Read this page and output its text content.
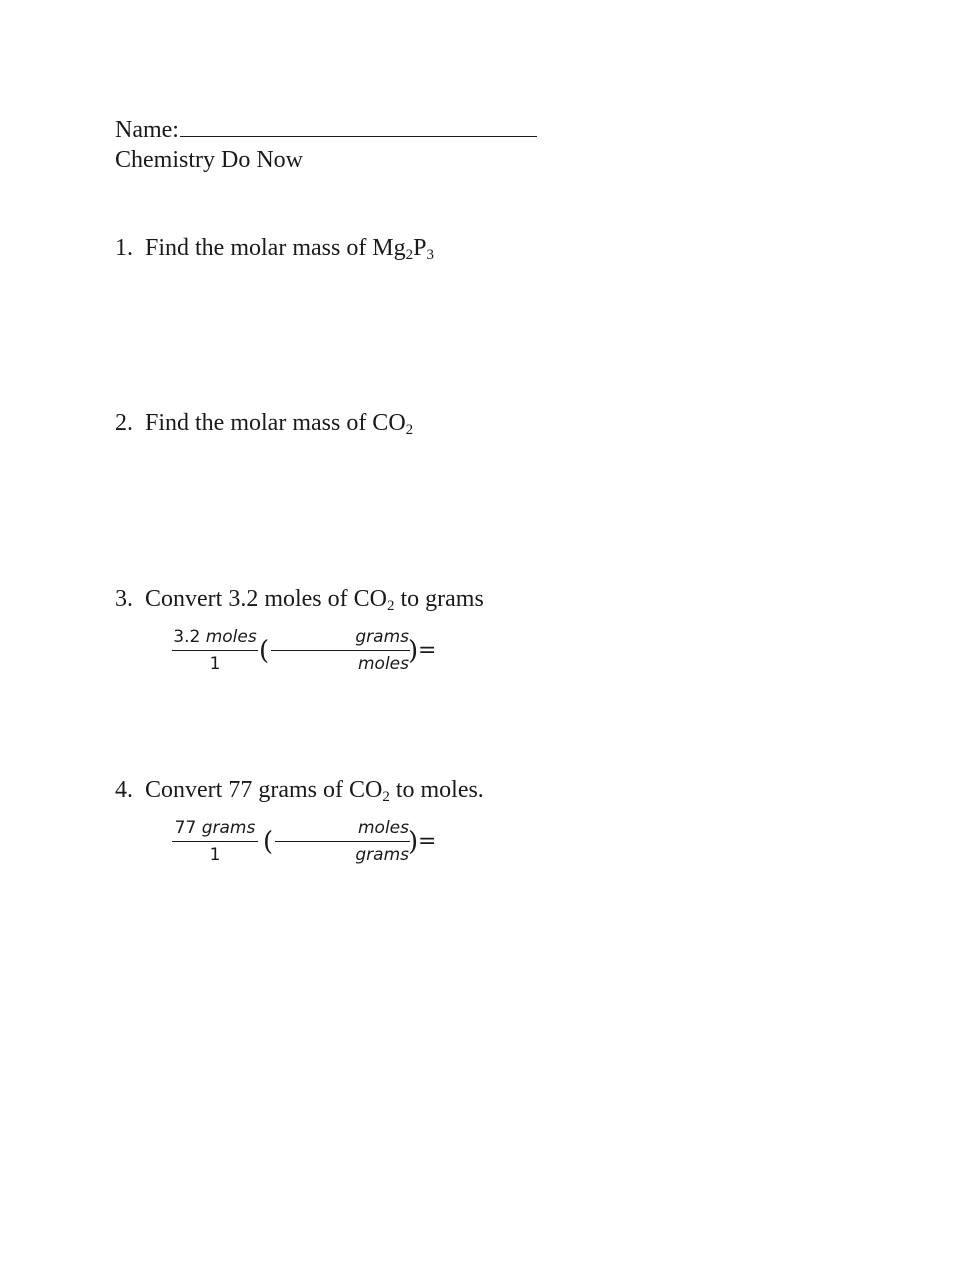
Name:
Chemistry Do Now
1. Find the molar mass of $Mg_2P_3$
2. Find the molar mass of $CO_2$
3. Convert 3.2 moles of $CO_2$ to grams
3.2 moles
1	(	grams
moles ) =
4. Convert 77 grams of $CO_2$ to moles.
77 grams
1	(	moles
grams ) =
